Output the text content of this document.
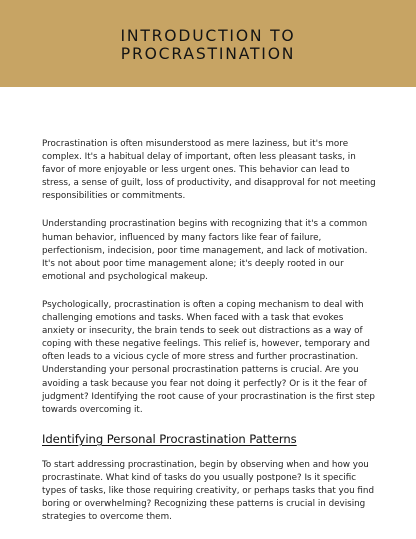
INTRODUCTION TO PROCRASTINATION

Procrastination is often misunderstood as mere laziness, but it's more complex. It's a habitual delay of important, often less pleasant tasks, in favor of more enjoyable or less urgent ones. This behavior can lead to stress, a sense of guilt, loss of productivity, and disapproval for not meeting responsibilities or commitments.

Understanding procrastination begins with recognizing that it's a common human behavior, influenced by many factors like fear of failure, perfectionism, indecision, poor time management, and lack of motivation. It's not about poor time management alone; it's deeply rooted in our emotional and psychological makeup.

Psychologically, procrastination is often a coping mechanism to deal with challenging emotions and tasks. When faced with a task that evokes anxiety or insecurity, the brain tends to seek out distractions as a way of coping with these negative feelings. This relief is, however, temporary and often leads to a vicious cycle of more stress and further procrastination. Understanding your personal procrastination patterns is crucial. Are you avoiding a task because you fear not doing it perfectly? Or is it the fear of judgment? Identifying the root cause of your procrastination is the first step towards overcoming it.

Identifying Personal Procrastination Patterns

To start addressing procrastination, begin by observing when and how you procrastinate. What kind of tasks do you usually postpone? Is it specific types of tasks, like those requiring creativity, or perhaps tasks that you find boring or overwhelming? Recognizing these patterns is crucial in devising strategies to overcome them.
